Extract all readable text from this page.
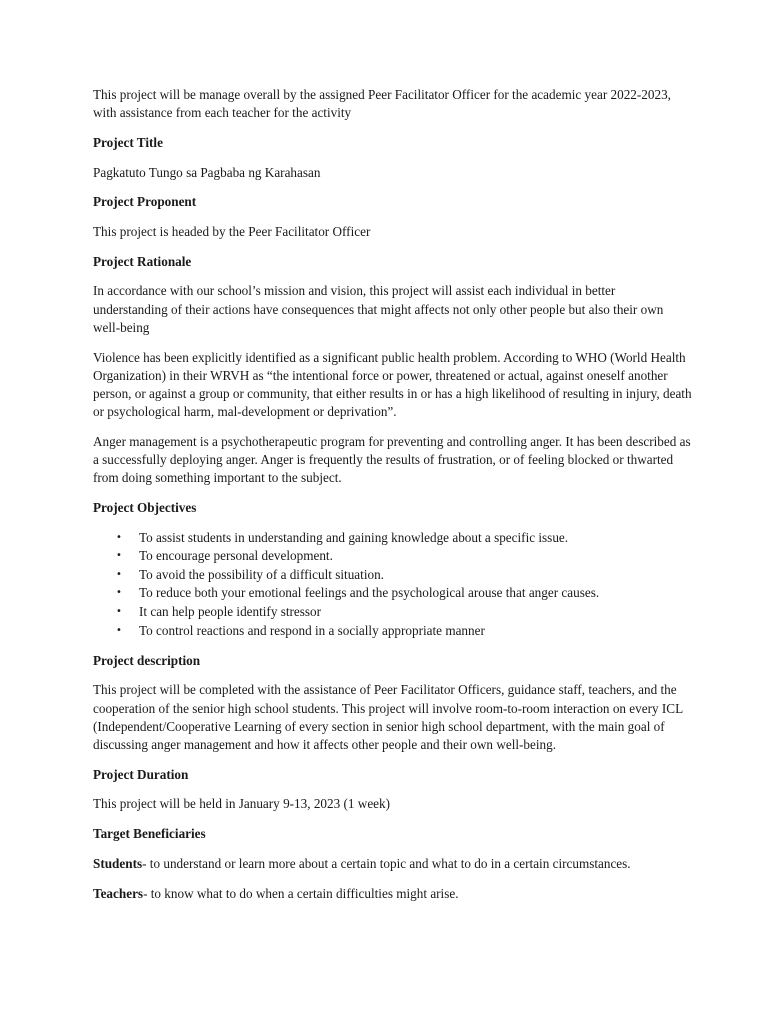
This project will be manage overall by the assigned Peer Facilitator Officer for the academic year 2022-2023, with assistance from each teacher for the activity

Project Title

Pagkatuto Tungo sa Pagbaba ng Karahasan

Project Proponent

This project is headed by the Peer Facilitator Officer

Project Rationale

In accordance with our school’s mission and vision, this project will assist each individual in better understanding of their actions have consequences that might affects not only other people but also their own well-being

Violence has been explicitly identified as a significant public health problem. According to WHO (World Health Organization) in their WRVH as “the intentional force or power, threatened or actual, against oneself another person, or against a group or community, that either results in or has a high likelihood of resulting in injury, death or psychological harm, mal-development or deprivation”.

Anger management is a psychotherapeutic program for preventing and controlling anger. It has been described as a successfully deploying anger. Anger is frequently the results of frustration, or of feeling blocked or thwarted from doing something important to the subject.

Project Objectives
• To assist students in understanding and gaining knowledge about a specific issue.
• To encourage personal development.
• To avoid the possibility of a difficult situation.
• To reduce both your emotional feelings and the psychological arouse that anger causes.
• It can help people identify stressor
• To control reactions and respond in a socially appropriate manner
Project description

This project will be completed with the assistance of Peer Facilitator Officers, guidance staff, teachers, and the cooperation of the senior high school students. This project will involve room-to-room interaction on every ICL (Independent/Cooperative Learning of every section in senior high school department, with the main goal of discussing anger management and how it affects other people and their own well-being.

Project Duration

This project will be held in January 9-13, 2023 (1 week)

Target Beneficiaries

Students- to understand or learn more about a certain topic and what to do in a certain circumstances.

Teachers- to know what to do when a certain difficulties might arise.
